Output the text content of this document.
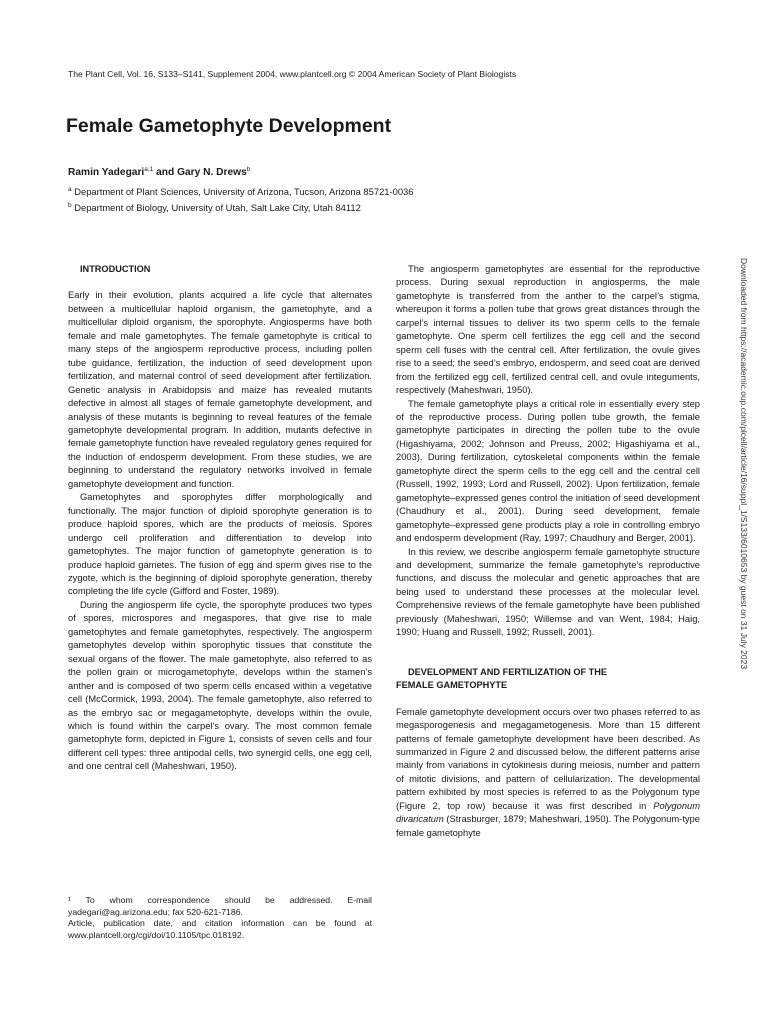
The Plant Cell, Vol. 16, S133–S141, Supplement 2004, www.plantcell.org © 2004 American Society of Plant Biologists
Female Gametophyte Development
Ramin Yadegari$^{a,1}$ and Gary N. Drews$^b$
$^a$ Department of Plant Sciences, University of Arizona, Tucson, Arizona 85721-0036
$^b$ Department of Biology, University of Utah, Salt Lake City, Utah 84112

INTRODUCTION

Early in their evolution, plants acquired a life cycle that alternates between a multicellular haploid organism, the gametophyte, and a multicellular diploid organism, the sporophyte. Angiosperms have both female and male gametophytes. The female gametophyte is critical to many steps of the angiosperm reproductive process, including pollen tube guidance, fertilization, the induction of seed development upon fertilization, and maternal control of seed development after fertilization. Genetic analysis in Arabidopsis and maize has revealed mutants defective in almost all stages of female gametophyte development, and analysis of these mutants is beginning to reveal features of the female gametophyte developmental program. In addition, mutants defective in female gametophyte function have revealed regulatory genes required for the induction of endosperm development. From these studies, we are beginning to understand the regulatory networks involved in female gametophyte development and function.

Gametophytes and sporophytes differ morphologically and functionally. The major function of diploid sporophyte generation is to produce haploid spores, which are the products of meiosis. Spores undergo cell proliferation and differentiation to develop into gametophytes. The major function of gametophyte generation is to produce haploid gametes. The fusion of egg and sperm gives rise to the zygote, which is the beginning of diploid sporophyte generation, thereby completing the life cycle (Gifford and Foster, 1989).

During the angiosperm life cycle, the sporophyte produces two types of spores, microspores and megaspores, that give rise to male gametophytes and female gametophytes, respectively. The angiosperm gametophytes develop within sporophytic tissues that constitute the sexual organs of the flower. The male gametophyte, also referred to as the pollen grain or microgametophyte, develops within the stamen’s anther and is composed of two sperm cells encased within a vegetative cell (McCormick, 1993, 2004). The female gametophyte, also referred to as the embryo sac or megagametophyte, develops within the ovule, which is found within the carpel’s ovary. The most common female gametophyte form, depicted in Figure 1, consists of seven cells and four different cell types: three antipodal cells, two synergid cells, one egg cell, and one central cell (Maheshwari, 1950).

¹ To whom correspondence should be addressed. E-mail yadegari@ag.arizona.edu; fax 520-621-7186.

Article, publication date, and citation information can be found at www.plantcell.org/cgi/doi/10.1105/tpc.018192.

The angiosperm gametophytes are essential for the reproductive process. During sexual reproduction in angiosperms, the male gametophyte is transferred from the anther to the carpel’s stigma, whereupon it forms a pollen tube that grows great distances through the carpel’s internal tissues to deliver its two sperm cells to the female gametophyte. One sperm cell fertilizes the egg cell and the second sperm cell fuses with the central cell. After fertilization, the ovule gives rise to a seed; the seed’s embryo, endosperm, and seed coat are derived from the fertilized egg cell, fertilized central cell, and ovule integuments, respectively (Maheshwari, 1950).

The female gametophyte plays a critical role in essentially every step of the reproductive process. During pollen tube growth, the female gametophyte participates in directing the pollen tube to the ovule (Higashiyama, 2002; Johnson and Preuss, 2002; Higashiyama et al., 2003). During fertilization, cytoskeletal components within the female gametophyte direct the sperm cells to the egg cell and the central cell (Russell, 1992, 1993; Lord and Russell, 2002). Upon fertilization, female gametophyte–expressed genes control the initiation of seed development (Chaudhury et al., 2001). During seed development, female gametophyte–expressed gene products play a role in controlling embryo and endosperm development (Ray, 1997; Chaudhury and Berger, 2001).

In this review, we describe angiosperm female gametophyte structure and development, summarize the female gametophyte’s reproductive functions, and discuss the molecular and genetic approaches that are being used to understand these processes at the molecular level. Comprehensive reviews of the female gametophyte have been published previously (Maheshwari, 1950; Willemse and van Went, 1984; Haig, 1990; Huang and Russell, 1992; Russell, 2001).

DEVELOPMENT AND FERTILIZATION OF THE FEMALE GAMETOPHYTE

Female gametophyte development occurs over two phases referred to as megasporogenesis and megagametogenesis. More than 15 different patterns of female gametophyte development have been described. As summarized in Figure 2 and discussed below, the different patterns arise mainly from variations in cytokinesis during meiosis, number and pattern of mitotic divisions, and pattern of cellularization. The developmental pattern exhibited by most species is referred to as the Polygonum type (Figure 2, top row) because it was first described in Polygonum divaricatum (Strasburger, 1879; Maheshwari, 1950). The Polygonum-type female gametophyte

Downloaded from https://academic.oup.com/plcell/article/16/suppl_1/S133/6010653 by guest on 31 July 2023
